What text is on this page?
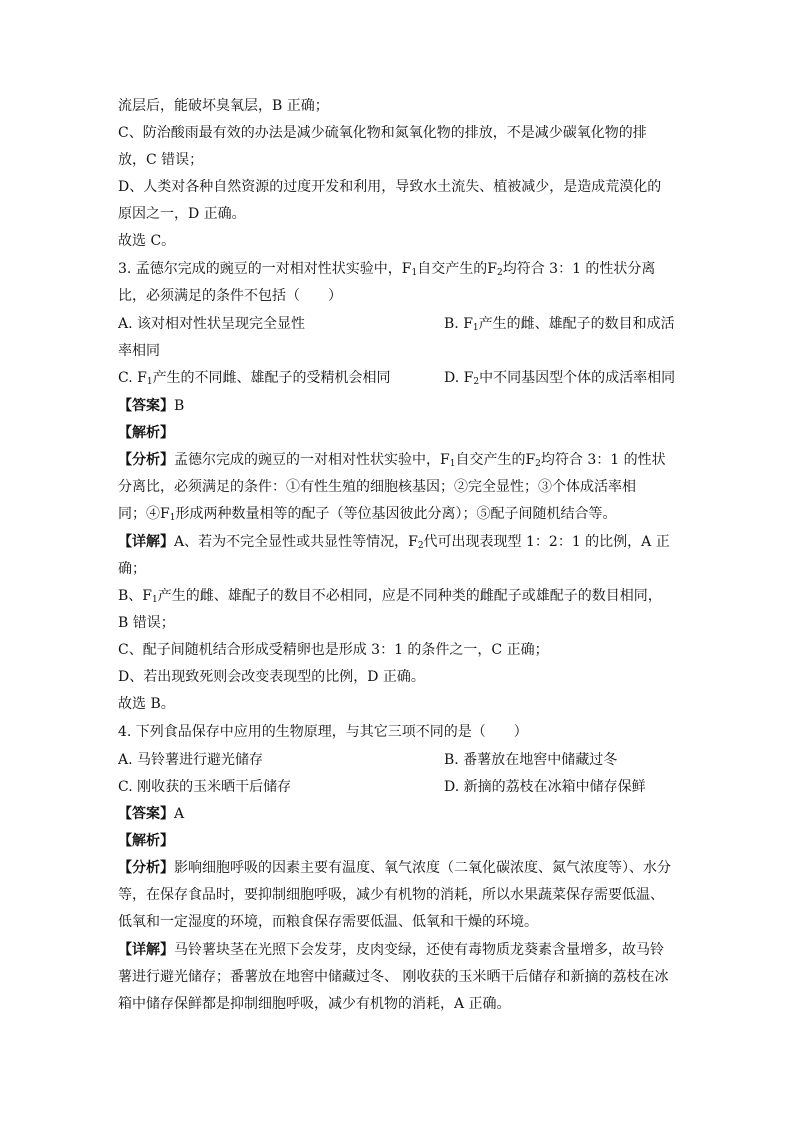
流层后，能破坏臭氧层，B 正确；
C、防治酸雨最有效的办法是减少硫氧化物和氮氧化物的排放，不是减少碳氧化物的排
放，C 错误；
D、人类对各种自然资源的过度开发和利用，导致水土流失、植被减少，是造成荒漠化的
原因之一，D 正确。
故选 C。
3. 孟德尔完成的豌豆的一对相对性状实验中，$F_1$自交产生的$F_2$均符合 3：1 的性状分离
比，必须满足的条件不包括（　　）
A. 该对相对性状呈现完全显性	B. $F_1$产生的雌、雄配子的数目和成活
率相同
C. $F_1$产生的不同雌、雄配子的受精机会相同	D. $F_2$中不同基因型个体的成活率相同
【答案】B
【解析】
【分析】孟德尔完成的豌豆的一对相对性状实验中，$F_1$自交产生的$F_2$均符合 3：1 的性状
分离比，必须满足的条件：①有性生殖的细胞核基因；②完全显性；③个体成活率相
同；$④F_1$形成两种数量相等的配子（等位基因彼此分离）；⑤配子间随机结合等。
【详解】A、若为不完全显性或共显性等情况，$F_2$代可出现表现型 1：2：1 的比例，A 正
确；
B、$F_1$产生的雌、雄配子的数目不必相同，应是不同种类的雌配子或雄配子的数目相同，
B 错误；
C、配子间随机结合形成受精卵也是形成 3：1 的条件之一，C 正确；
D、若出现致死则会改变表现型的比例，D 正确。
故选 B。
4. 下列食品保存中应用的生物原理，与其它三项不同的是（　　）
A. 马铃薯进行避光储存	B. 番薯放在地窖中储藏过冬
C. 刚收获的玉米晒干后储存	D. 新摘的荔枝在冰箱中储存保鲜
【答案】A
【解析】
【分析】影响细胞呼吸的因素主要有温度、氧气浓度（二氧化碳浓度、氮气浓度等）、水分
等，在保存食品时，要抑制细胞呼吸，减少有机物的消耗，所以水果蔬菜保存需要低温、
低氧和一定湿度的环境，而粮食保存需要低温、低氧和干燥的环境。
【详解】马铃薯块茎在光照下会发芽，皮肉变绿，还使有毒物质龙葵素含量增多，故马铃
薯进行避光储存；番薯放在地窖中储藏过冬、 刚收获的玉米晒干后储存和新摘的荔枝在冰
箱中储存保鲜都是抑制细胞呼吸，减少有机物的消耗，A 正确。
